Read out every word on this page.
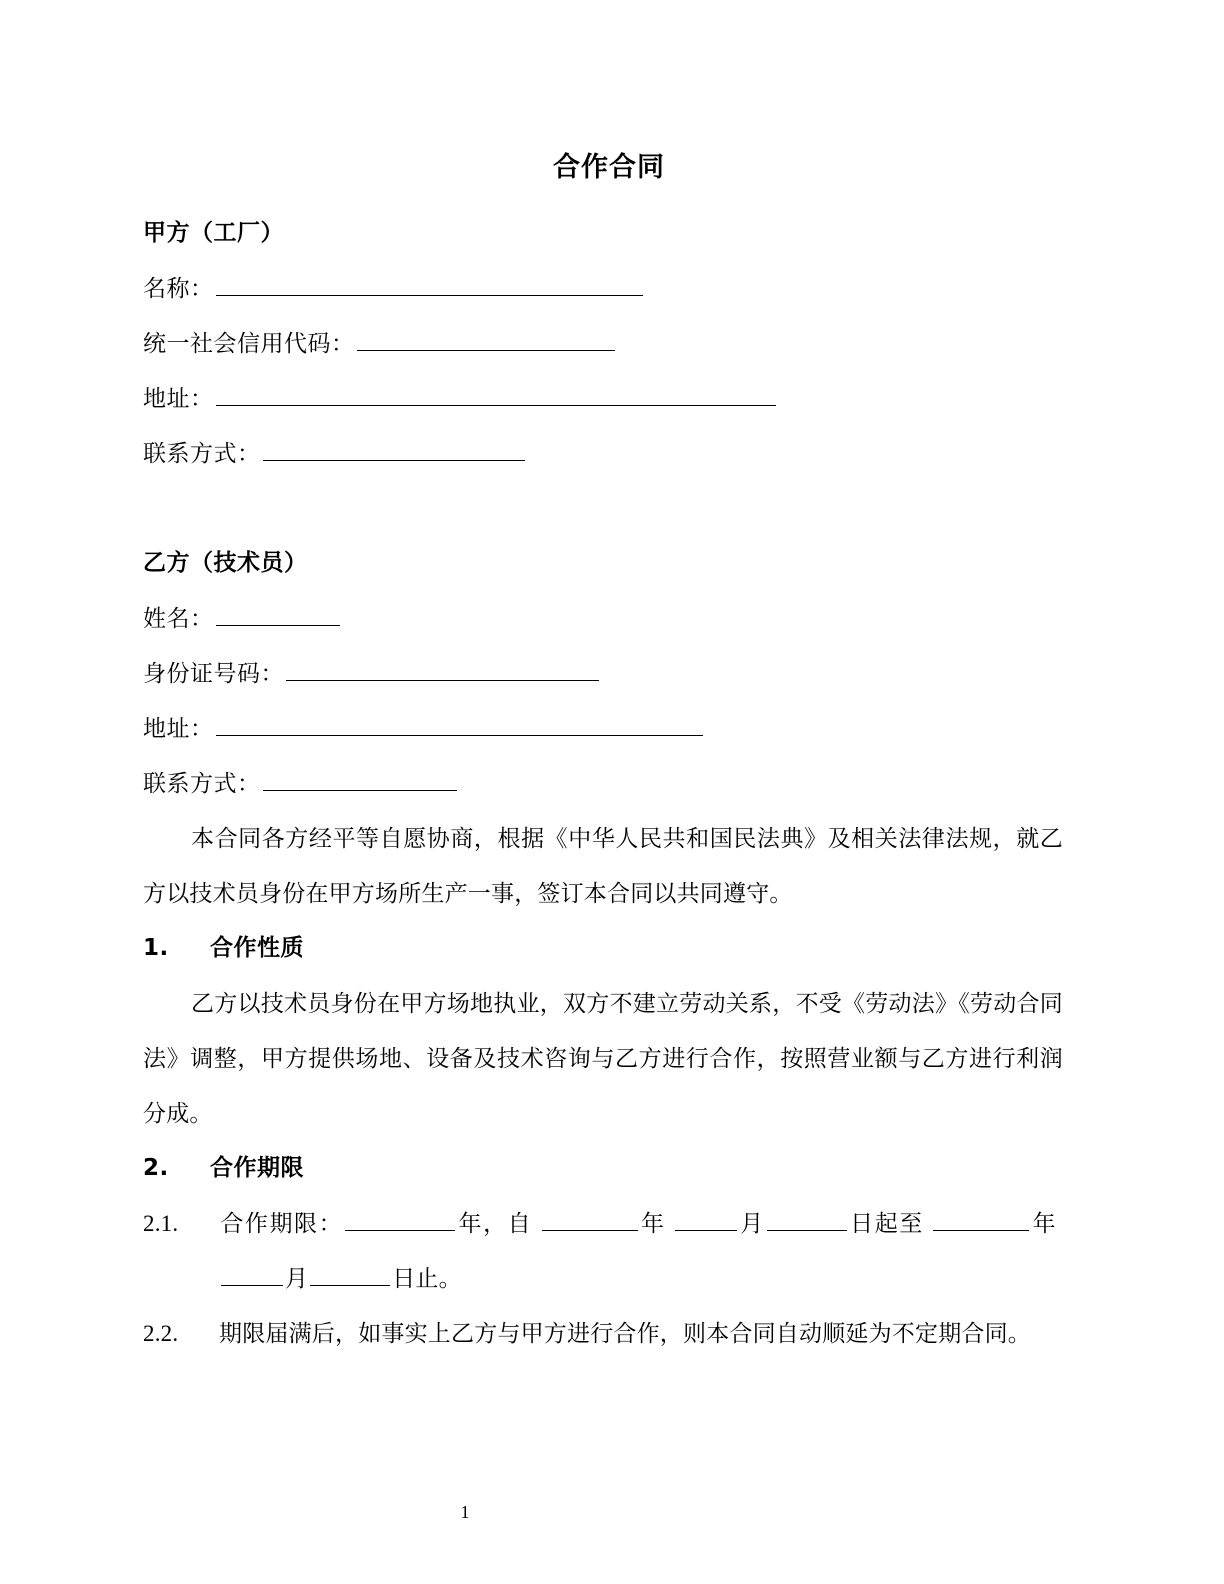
合作合同
甲方（工厂）
名称：
统一社会信用代码：
地址：
联系方式：
乙方（技术员）
姓名：
身份证号码：
地址：
联系方式：

本合同各方经平等自愿协商，根据《中华人民共和国民法典》及相关法律法规，就乙方以技术员身份在甲方场所生产一事，签订本合同以共同遵守。

1. 合作性质

乙方以技术员身份在甲方场地执业，双方不建立劳动关系，不受《劳动法》《劳动合同法》调整，甲方提供场地、设备及技术咨询与乙方进行合作，按照营业额与乙方进行利润分成。

2. 合作期限

2.1. 合作期限：	年，自	年	月	日起至	年 月	日止。

2.2. 期限届满后，如事实上乙方与甲方进行合作，则本合同自动顺延为不定期合同。

1
